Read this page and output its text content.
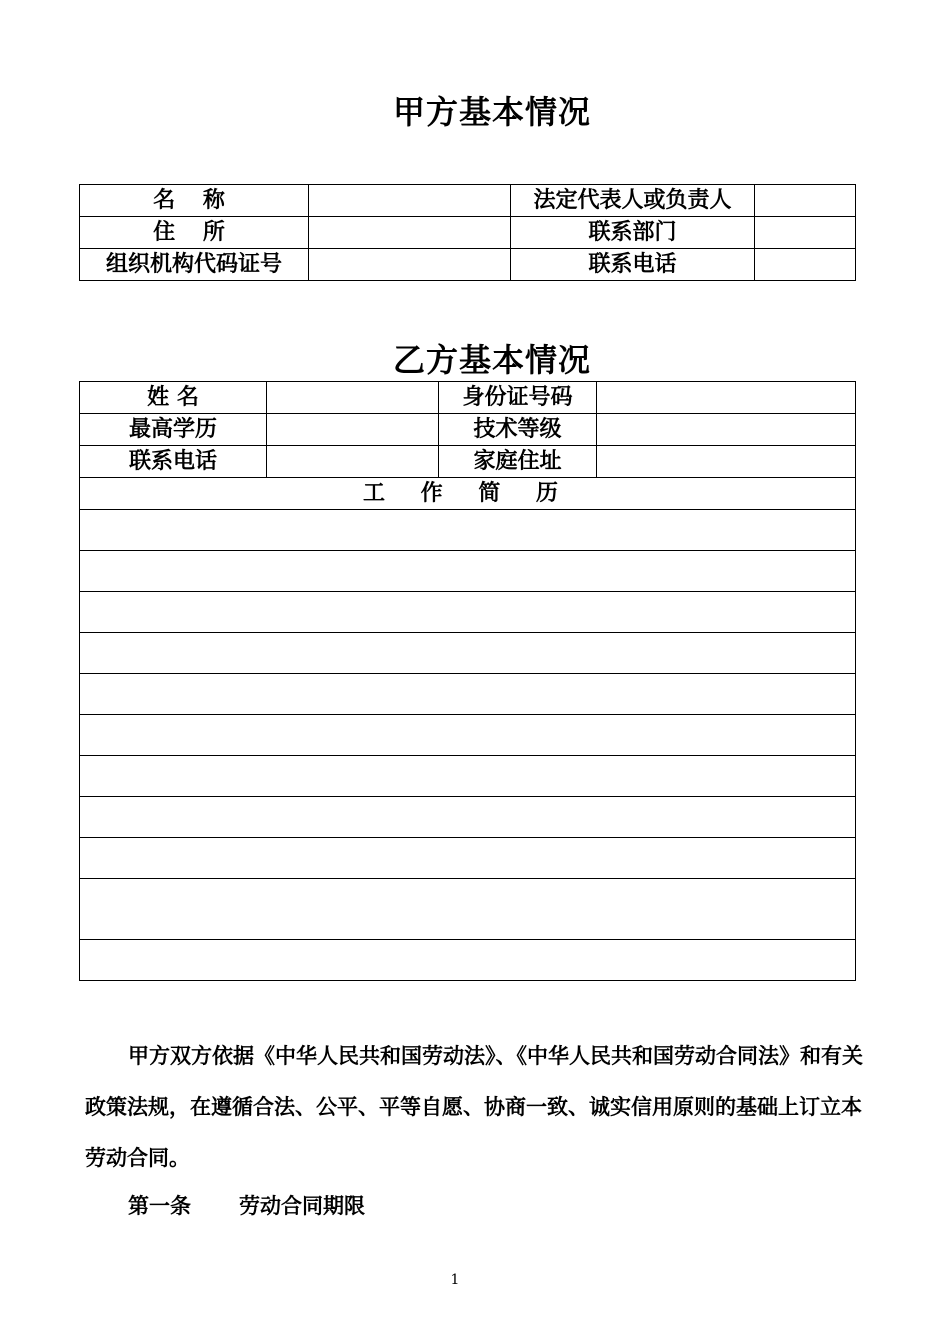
甲方基本情况
名 称		法定代表人或负责人	
住 所		联系部门	
组织机构代码证号		联系电话	
乙方基本情况
姓 名		身份证号码	
最高学历		技术等级	
联系电话		家庭住址	
工 作 简 历			

甲方双方依据《中华人民共和国劳动法》、《中华人民共和国劳动合同法》和有关政策法规，在遵循合法、公平、平等自愿、协商一致、诚实信用原则的基础上订立本劳动合同。
第一条 劳动合同期限
1
